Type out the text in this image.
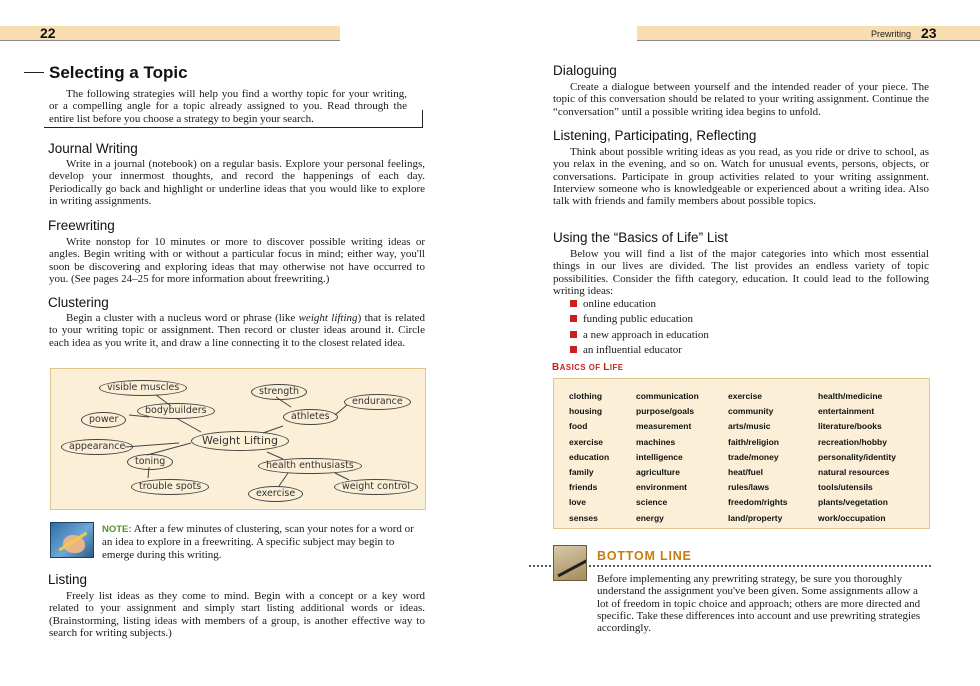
22	Prewriting 23
Selecting a Topic
The following strategies will help you find a worthy topic for your writing, or a compelling angle for a topic already assigned to you. Read through the entire list before you choose a strategy to begin your search.
Journal Writing
Write in a journal (notebook) on a regular basis. Explore your personal feelings, develop your innermost thoughts, and record the happenings of each day. Periodically go back and highlight or underline ideas that you would like to explore in writing assignments.
Freewriting
Write nonstop for 10 minutes or more to discover possible writing ideas or angles. Begin writing with or without a particular focus in mind; either way, you'll soon be discovering and exploring ideas that may otherwise not have occurred to you. (See pages 24–25 for more information about freewriting.)
Clustering
Begin a cluster with a nucleus word or phrase (like weight lifting) that is related to your writing topic or assignment. Then record or cluster ideas around it. Circle each idea as you write it, and draw a line connecting it to the closest related idea.
visible muscles
bodybuilders
power
strength
athletes
endurance
Weight Lifting
appearance
toning
trouble spots
health enthusiasts
exercise
weight control
NOTE: After a few minutes of clustering, scan your notes for a word or an idea to explore in a freewriting. A specific subject may begin to emerge during this writing.
Listing
Freely list ideas as they come to mind. Begin with a concept or a key word related to your assignment and simply start listing additional words or ideas. (Brainstorming, listing ideas with members of a group, is another effective way to search for writing subjects.)
Dialoguing
Create a dialogue between yourself and the intended reader of your piece. The topic of this conversation should be related to your writing assignment. Continue the “conversation” until a possible writing idea begins to unfold.
Listening, Participating, Reflecting
Think about possible writing ideas as you read, as you ride or drive to school, as you relax in the evening, and so on. Watch for unusual events, persons, objects, or conversations. Participate in group activities related to your writing assignment. Interview someone who is knowledgeable or experienced about a writing idea. Also talk with friends and family members about possible topics.
Using the “Basics of Life” List
Below you will find a list of the major categories into which most essential things in our lives are divided. The list provides an endless variety of topic possibilities. Consider the fifth category, education. It could lead to the following writing ideas:
online education
funding public education
a new approach in education
an influential educator
BASICS OF LIFE
clothing
housing
food
exercise
education
family
friends
love
senses
communication
purpose/goals
measurement
machines
intelligence
agriculture
environment
science
energy
exercise
community
arts/music
faith/religion
trade/money
heat/fuel
rules/laws
freedom/rights
land/property
health/medicine
entertainment
literature/books
recreation/hobby
personality/identity
natural resources
tools/utensils
plants/vegetation
work/occupation
BOTTOM LINE
Before implementing any prewriting strategy, be sure you thoroughly understand the assignment you've been given. Some assignments allow a lot of freedom in topic choice and approach; others are more directed and specific. Take these differences into account and use prewriting strategies accordingly.
